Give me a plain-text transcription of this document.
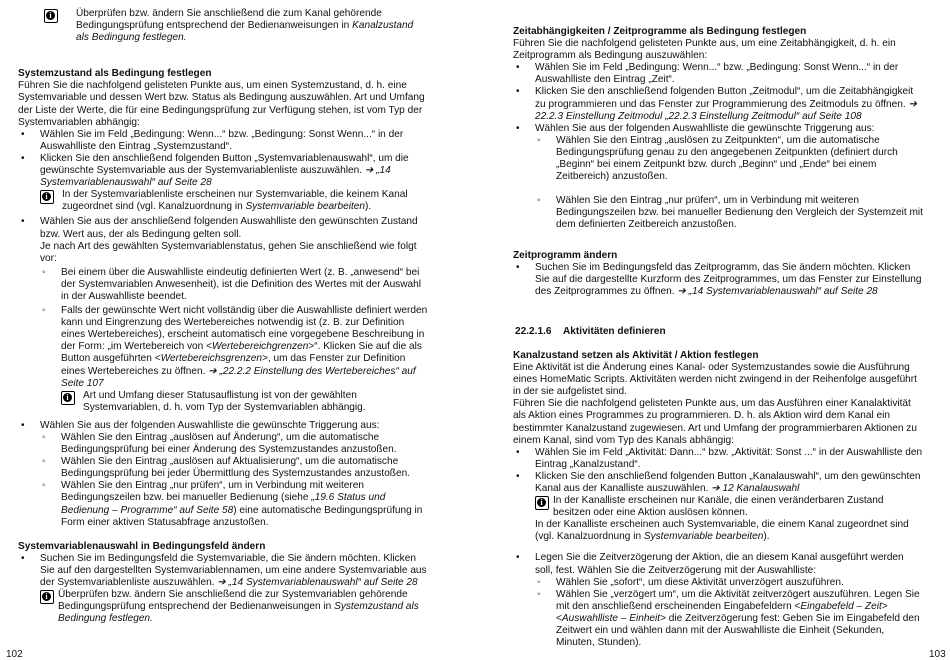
i	Überprüfen bzw. ändern Sie anschließend die zum Kanal gehörende Bedingungsprüfung entsprechend der Bedienanweisungen in Kanalzustand als Bedingung festlegen.

Systemzustand als Bedingung festlegen

Führen Sie die nachfolgend gelisteten Punkte aus, um einen Systemzustand, d. h. eine Systemvariable und dessen Wert bzw. Status als Bedingung auszuwählen. Art und Umfang der Liste der Werte, die für eine Bedingungsprüfung zur Verfügung stehen, ist vom Typ der Systemvariablen abhängig:

• Wählen Sie im Feld „Bedingung: Wenn...“ bzw. „Bedingung: Sonst Wenn...“ in der Auswahlliste den Eintrag „Systemzustand“.
• Klicken Sie den anschließend folgenden Button „Systemvariablenauswahl“, um die gewünschte Systemvariable aus der Systemvariablenliste auszuwählen. ➔ „14 Systemvariablenauswahl“ auf Seite 28
i	In der Systemvariablenliste erscheinen nur Systemvariable, die keinem Kanal zugeordnet sind (vgl. Kanalzuordnung in Systemvariable bearbeiten).
• Wählen Sie aus der anschließend folgenden Auswahlliste den gewünschten Zustand bzw. Wert aus, der als Bedingung gelten soll.
Je nach Art des gewählten Systemvariablenstatus, gehen Sie anschließend wie folgt vor:
◦ Bei einem über die Auswahlliste eindeutig definierten Wert (z. B. „anwesend“ bei der Systemvariablen Anwesenheit), ist die Definition des Wertes mit der Auswahl in der Auswahlliste beendet.
◦ Falls der gewünschte Wert nicht vollständig über die Auswahlliste definiert werden kann und Eingrenzung des Wertebereiches notwendig ist (z. B. zur Definition eines Wertebereiches), erscheint automatisch eine vorgegebene Beschreibung in der Form: „im Wertebereich von <Wertebereichgrenzen>“. Klicken Sie auf die als Button ausgeführten <Wertebereichsgrenzen>, um das Fenster zur Definition eines Wertebereiches zu öffnen. ➔ „22.2.2 Einstellung des Wertebereiches“ auf Seite 107
i	Art und Umfang dieser Statusauflistung ist von der gewählten Systemvariablen, d. h. vom Typ der Systemvariablen abhängig.
• Wählen Sie aus der folgenden Auswahlliste die gewünschte Triggerung aus:
◦ Wählen Sie den Eintrag „auslösen auf Änderung“, um die automatische Bedingungsprüfung bei einer Änderung des Systemzustandes anzustoßen.
◦ Wählen Sie den Eintrag „auslösen auf Aktualisierung“, um die automatische Bedingungsprüfung bei jeder Übermittlung des Systemzustandes anzustoßen.
◦ Wählen Sie den Eintrag „nur prüfen“, um in Verbindung mit weiteren Bedingungszeilen bzw. bei manueller Bedienung (siehe „19.6 Status und Bedienung – Programme“ auf Seite 58) eine automatische Bedingungsprüfung in Form einer aktiven Statusabfrage anzustoßen.

Systemvariablenauswahl in Bedingungsfeld ändern

• Suchen Sie im Bedingungsfeld die Systemvariable, die Sie ändern möchten. Klicken Sie auf den dargestellten Systemvariablennamen, um eine andere Systemvariable aus der Systemvariablenliste auszuwählen. ➔ „14 Systemvariablenauswahl“ auf Seite 28
i	Überprüfen bzw. ändern Sie anschließend die zur Systemvariablen gehörende Bedingungsprüfung entsprechend der Bedienanweisungen in Systemzustand als Bedingung festlegen.

Zeitabhängigkeiten / Zeitprogramme als Bedingung festlegen

Führen Sie die nachfolgend gelisteten Punkte aus, um eine Zeitabhängigkeit, d. h. ein Zeitprogramm als Bedingung auszuwählen:

• Wählen Sie im Feld „Bedingung: Wenn...“ bzw. „Bedingung: Sonst Wenn...“ in der Auswahlliste den Eintrag „Zeit“.
• Klicken Sie den anschließend folgenden Button „Zeitmodul“, um die Zeitabhängigkeit zu programmieren und das Fenster zur Programmierung des Zeitmoduls zu öffnen. ➔ 22.2.3 Einstellung Zeitmodul „22.2.3 Einstellung Zeitmodul“ auf Seite 108
• Wählen Sie aus der folgenden Auswahlliste die gewünschte Triggerung aus:
◦ Wählen Sie den Eintrag „auslösen zu Zeitpunkten“, um die automatische Bedingungsprüfung genau zu den angegebenen Zeitpunkten (definiert durch „Beginn“ bei einem Zeitpunkt bzw. durch „Beginn“ und „Ende“ bei einem Zeitbereich) anzustoßen.
◦ Wählen Sie den Eintrag „nur prüfen“, um in Verbindung mit weiteren Bedingungszeilen bzw. bei manueller Bedienung den Vergleich der Systemzeit mit dem definierten Zeitbereich anzustoßen.

Zeitprogramm ändern

• Suchen Sie im Bedingungsfeld das Zeitprogramm, das Sie ändern möchten. Klicken Sie auf die dargestellte Kurzform des Zeitprogrammes, um das Fenster zur Einstellung des Zeitprogrammes zu öffnen. ➔ „14 Systemvariablenauswahl“ auf Seite 28

22.2.1.6 Aktivitäten definieren

Kanalzustand setzen als Aktivität / Aktion festlegen

Eine Aktivität ist die Änderung eines Kanal- oder Systemzustandes sowie die Ausführung eines HomeMatic Scripts. Aktivitäten werden nicht zwingend in der Reihenfolge ausgeführt in der sie aufgelistet sind.

Führen Sie die nachfolgend gelisteten Punkte aus, um das Ausführen einer Kanalaktivität als Aktion eines Programmes zu programmieren. D. h. als Aktion wird dem Kanal ein bestimmter Kanalzustand zugewiesen. Art und Umfang der programmierbaren Aktionen zu einem Kanal, sind vom Typ des Kanals abhängig:

• Wählen Sie im Feld „Aktivität: Dann...“ bzw. „Aktivität: Sonst ...“ in der Auswahlliste den Eintrag „Kanalzustand“.
• Klicken Sie den anschließend folgenden Button „Kanalauswahl“, um den gewünschten Kanal aus der Kanalliste auszuwählen. ➔ 12 Kanalauswahl
i	In der Kanalliste erscheinen nur Kanäle, die einen veränderbaren Zustand besitzen oder eine Aktion auslösen können.

In der Kanalliste erscheinen auch Systemvariable, die einem Kanal zugeordnet sind (vgl. Kanalzuordnung in Systemvariable bearbeiten).

• Legen Sie die Zeitverzögerung der Aktion, die an diesem Kanal ausgeführt werden soll, fest. Wählen Sie die Zeitverzögerung mit der Auswahlliste:
◦ Wählen Sie „sofort“, um diese Aktivität unverzögert auszuführen.
◦ Wählen Sie „verzögert um“, um die Aktivität zeitverzögert auszuführen. Legen Sie mit den anschließend erscheinenden Eingabefeldern <Eingabefeld – Zeit> <Auswahlliste – Einheit> die Zeitverzögerung fest: Geben Sie im Eingabefeld den Zeitwert ein und wählen dann mit der Auswahlliste die Einheit (Sekunden, Minuten, Stunden).
102	103
